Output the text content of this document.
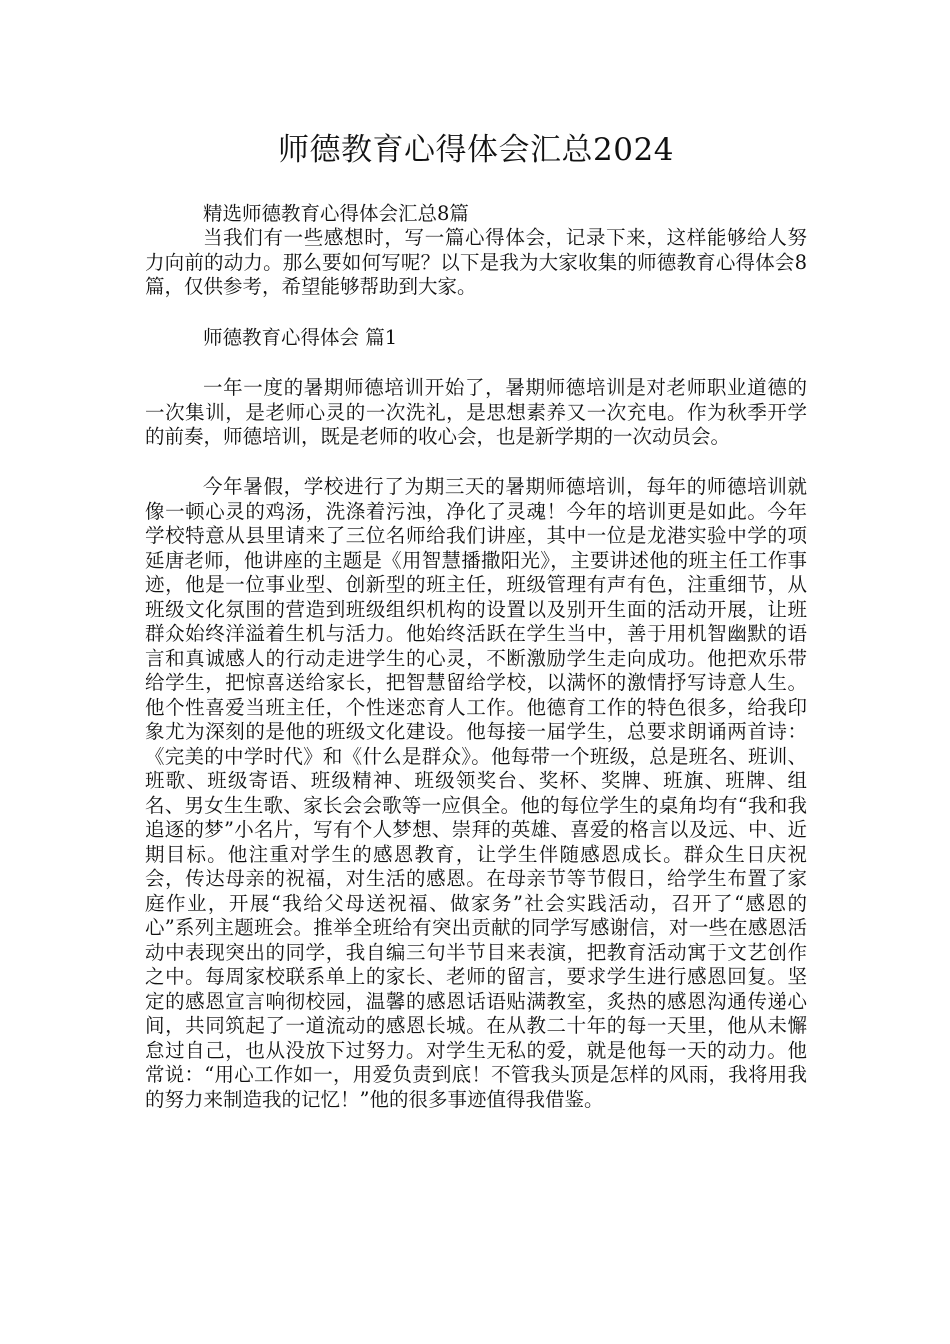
师德教育心得体会汇总2024

精选师德教育心得体会汇总8篇

当我们有一些感想时，写一篇心得体会，记录下来，这样能够给人努力向前的动力。那么要如何写呢？以下是我为大家收集的师德教育心得体会8篇，仅供参考，希望能够帮助到大家。

师德教育心得体会 篇1

一年一度的暑期师德培训开始了，暑期师德培训是对老师职业道德的一次集训，是老师心灵的一次洗礼，是思想素养又一次充电。作为秋季开学的前奏，师德培训，既是老师的收心会，也是新学期的一次动员会。

今年暑假，学校进行了为期三天的暑期师德培训，每年的师德培训就像一顿心灵的鸡汤，洗涤着污浊，净化了灵魂！今年的培训更是如此。今年学校特意从县里请来了三位名师给我们讲座，其中一位是龙港实验中学的项延唐老师，他讲座的主题是《用智慧播撒阳光》，主要讲述他的班主任工作事迹，他是一位事业型、创新型的班主任，班级管理有声有色，注重细节，从班级文化氛围的营造到班级组织机构的设置以及别开生面的活动开展，让班群众始终洋溢着生机与活力。他始终活跃在学生当中，善于用机智幽默的语言和真诚感人的行动走进学生的心灵，不断激励学生走向成功。他把欢乐带给学生，把惊喜送给家长，把智慧留给学校，以满怀的激情抒写诗意人生。他个性喜爱当班主任，个性迷恋育人工作。他德育工作的特色很多，给我印象尤为深刻的是他的班级文化建设。他每接一届学生，总要求朗诵两首诗：《完美的中学时代》和《什么是群众》。他每带一个班级，总是班名、班训、班歌、班级寄语、班级精神、班级领奖台、奖杯、奖牌、班旗、班牌、组名、男女生生歌、家长会会歌等一应俱全。他的每位学生的桌角均有“我和我追逐的梦”小名片，写有个人梦想、崇拜的英雄、喜爱的格言以及远、中、近期目标。他注重对学生的感恩教育，让学生伴随感恩成长。群众生日庆祝会，传达母亲的祝福，对生活的感恩。在母亲节等节假日，给学生布置了家庭作业，开展“我给父母送祝福、做家务”社会实践活动，召开了“感恩的心”系列主题班会。推举全班给有突出贡献的同学写感谢信，对一些在感恩活动中表现突出的同学，我自编三句半节目来表演，把教育活动寓于文艺创作之中。每周家校联系单上的家长、老师的留言，要求学生进行感恩回复。坚定的感恩宣言响彻校园，温馨的感恩话语贴满教室，炙热的感恩沟通传递心间，共同筑起了一道流动的感恩长城。在从教二十年的每一天里，他从未懈怠过自己，也从没放下过努力。对学生无私的爱，就是他每一天的动力。他常说：“用心工作如一，用爱负责到底！不管我头顶是怎样的风雨，我将用我的努力来制造我的记忆！”他的很多事迹值得我借鉴。
